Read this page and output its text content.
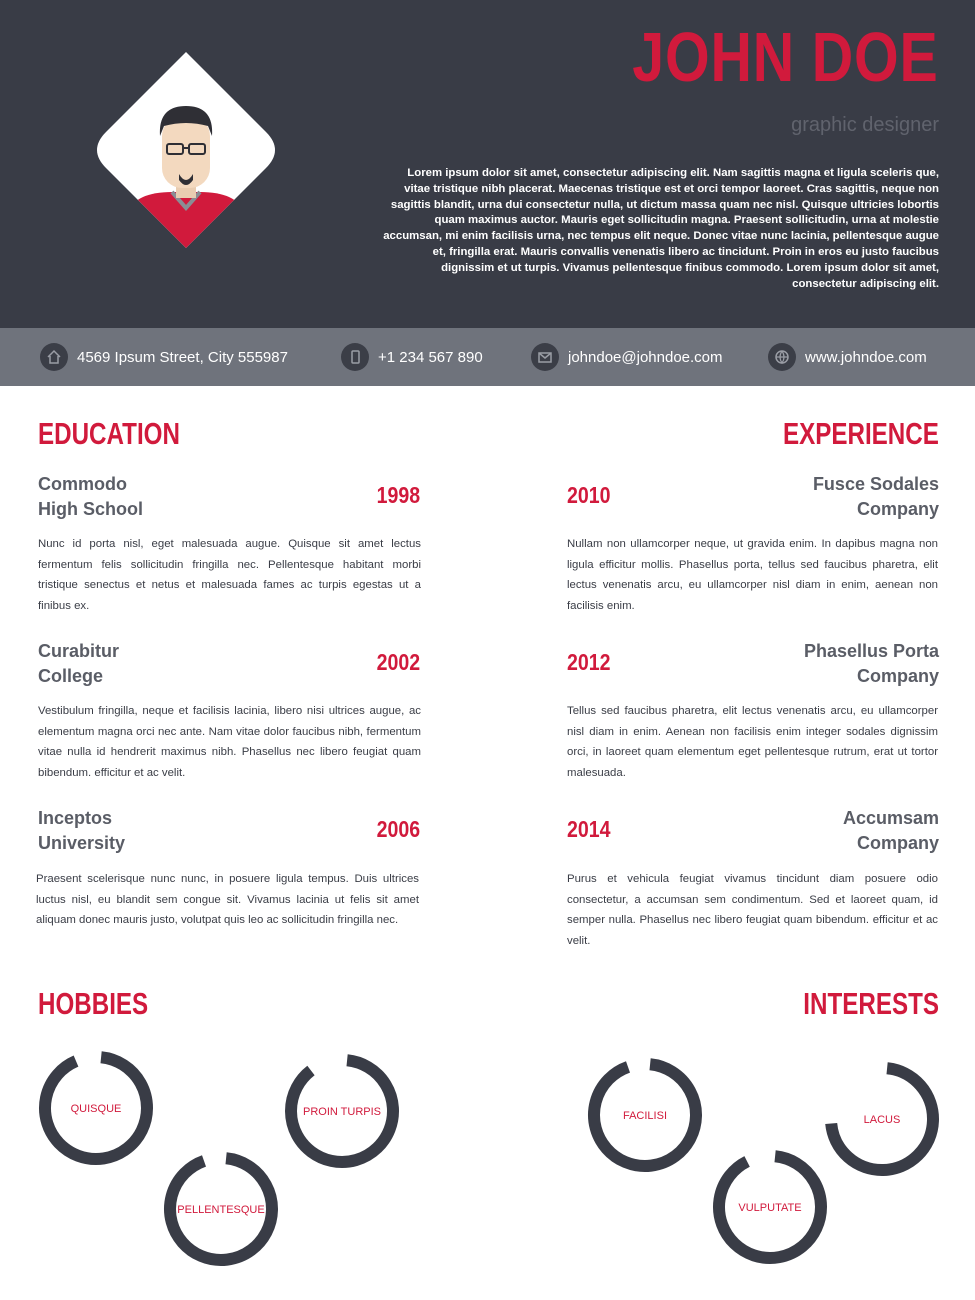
JOHN DOE
graphic designer
Lorem ipsum dolor sit amet, consectetur adipiscing elit. Nam sagittis magna et ligula sceleris que, vitae tristique nibh placerat. Maecenas tristique est et orci tempor laoreet. Cras sagittis, neque non sagittis blandit, urna dui consectetur nulla, ut dictum massa quam nec nisl. Quisque ultricies lobortis quam maximus auctor. Mauris eget sollicitudin magna. Praesent sollicitudin, urna at molestie accumsan, mi enim facilisis urna, nec tempus elit neque. Donec vitae nunc lacinia, pellentesque augue et, fringilla erat. Mauris convallis venenatis libero ac tincidunt. Proin in eros eu justo faucibus dignissim et ut turpis. Vivamus pellentesque finibus commodo. Lorem ipsum dolor sit amet, consectetur adipiscing elit.
4569 Ipsum Street, City 555987	+1 234 567 890	johndoe@johndoe.com	www.johndoe.com
EDUCATION
Commodo
High School
1998
Nunc id porta nisl, eget malesuada augue. Quisque sit amet lectus fermentum felis sollicitudin fringilla nec. Pellentesque habitant morbi tristique senectus et netus et malesuada fames ac turpis egestas ut a finibus ex.
Curabitur
College
2002
Vestibulum fringilla, neque et facilisis lacinia, libero nisi ultrices augue, ac elementum magna orci nec ante. Nam vitae dolor faucibus nibh, fermentum vitae nulla id hendrerit maximus nibh. Phasellus nec libero feugiat quam bibendum. efficitur et ac velit.
Inceptos
University
2006
Praesent scelerisque nunc nunc, in posuere ligula tempus. Duis ultrices luctus nisl, eu blandit sem congue sit. Vivamus lacinia ut felis sit amet aliquam donec mauris justo, volutpat quis leo ac sollicitudin fringilla nec.
EXPERIENCE
2010	Fusce Sodales
Company
Nullam non ullamcorper neque, ut gravida enim. In dapibus magna non ligula efficitur mollis. Phasellus porta, tellus sed faucibus pharetra, elit lectus venenatis arcu, eu ullamcorper nisl diam in enim, aenean non facilisis enim.
2012	Phasellus Porta
Company
Tellus sed faucibus pharetra, elit lectus venenatis arcu, eu ullamcorper nisl diam in enim. Aenean non facilisis enim integer sodales dignissim orci, in laoreet quam elementum eget pellentesque rutrum, erat ut tortor malesuada.
2014	Accumsam
Company
Purus et vehicula feugiat vivamus tincidunt diam posuere odio consectetur, a accumsan sem condimentum. Sed et laoreet quam, id semper nulla. Phasellus nec libero feugiat quam bibendum. efficitur et ac velit.
HOBBIES	INTERESTS
QUISQUE	PROIN TURPIS
PELLENTESQUE
FACILISI	LACUS
VULPUTATE
